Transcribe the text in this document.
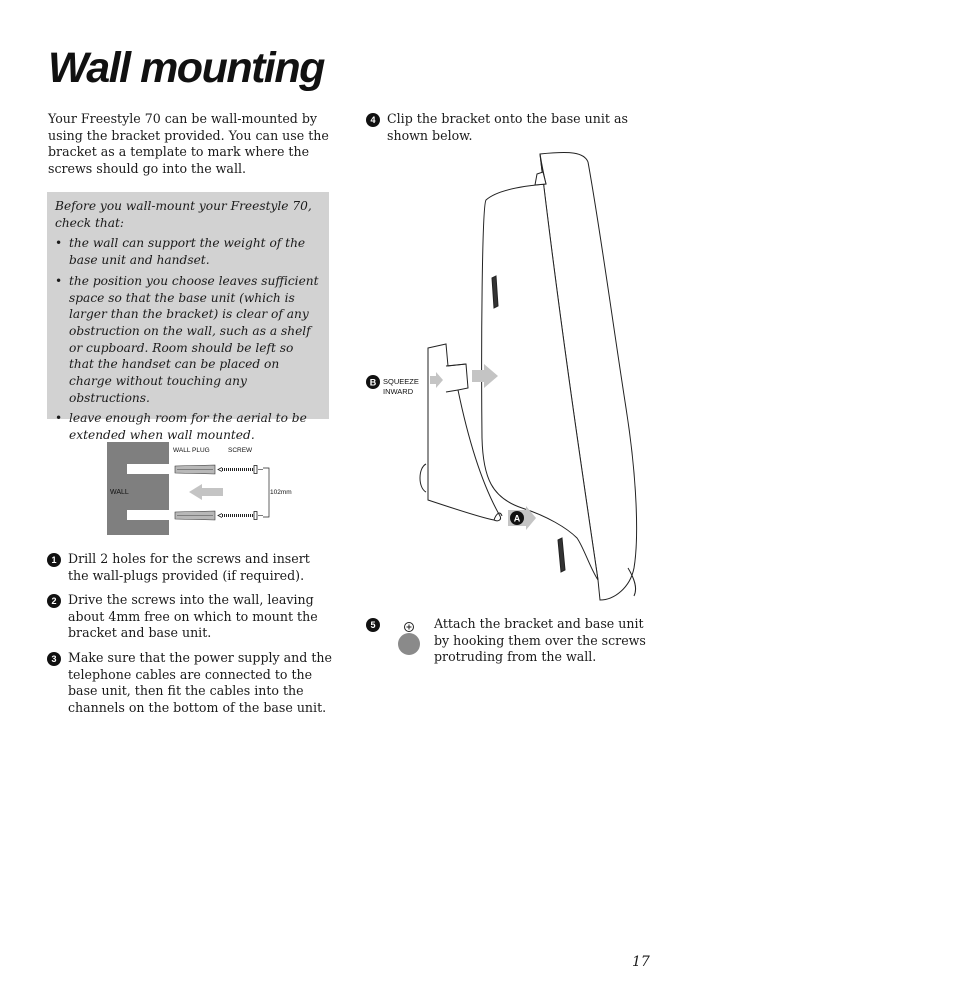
Wall mounting

Your Freestyle 70 can be wall-mounted by using the bracket provided. You can use the bracket as a template to mark where the screws should go into the wall.

Before you wall-mount your Freestyle 70, check that:

• the wall can support the weight of the base unit and handset.
• the position you choose leaves sufficient space so that the base unit (which is larger than the bracket) is clear of any obstruction on the wall, such as a shelf or cupboard. Room should be left so that the handset can be placed on charge without touching any obstructions.
• leave enough room for the aerial to be extended when wall mounted.
WALL
WALL PLUG	SCREW
102mm
1 Drill 2 holes for the screws and insert the wall-plugs provided (if required).
2 Drive the screws into the wall, leaving about 4mm free on which to mount the bracket and base unit.
3 Make sure that the power supply and the telephone cables are connected to the base unit, then fit the cables into the channels on the bottom of the base unit.
4 Clip the bracket onto the base unit as shown below.
B SQUEEZE
INWARD
A
5	Attach the bracket and base unit by hooking them over the screws protruding from the wall.
17
